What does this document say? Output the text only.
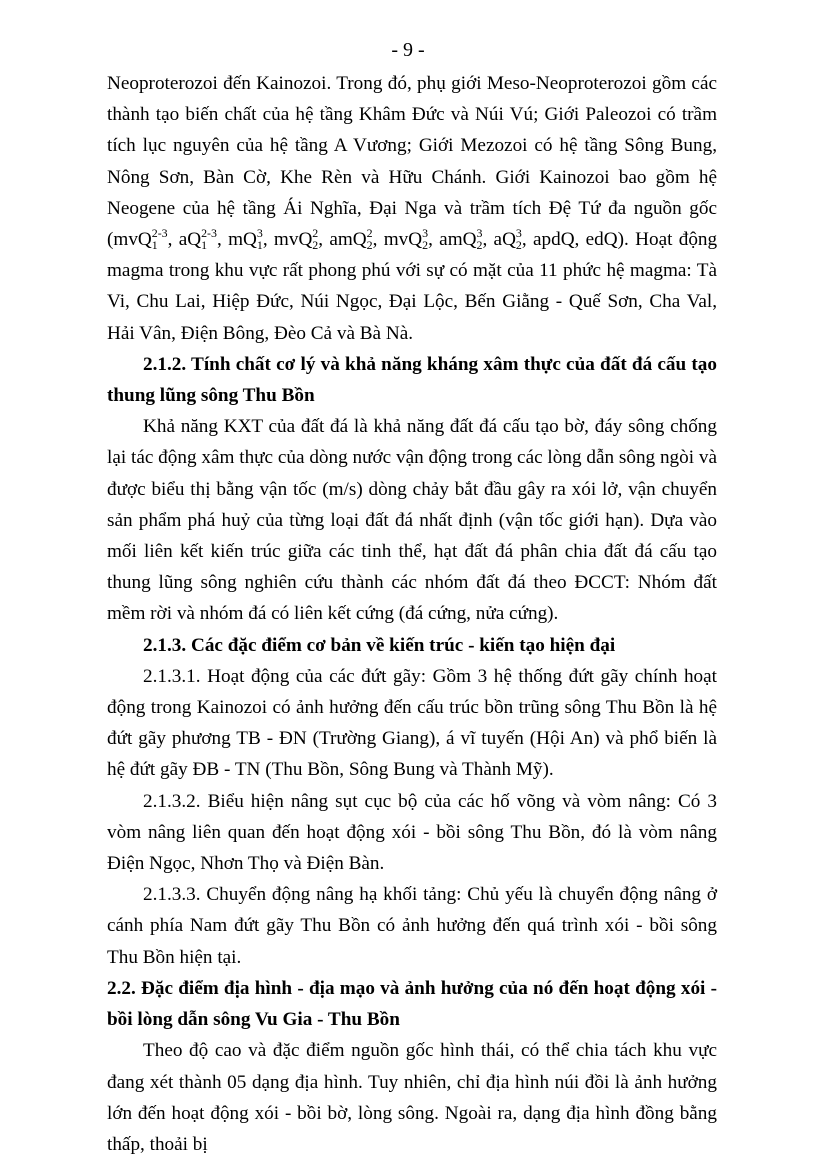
- 9 -

Neoproterozoi đến Kainozoi. Trong đó, phụ giới Meso-Neoproterozoi gồm các thành tạo biến chất của hệ tầng Khâm Đức và Núi Vú; Giới Paleozoi có trầm tích lục nguyên của hệ tầng A Vương; Giới Mezozoi có hệ tầng Sông Bung, Nông Sơn, Bàn Cờ, Khe Rèn và Hữu Chánh. Giới Kainozoi bao gồm hệ Neogene của hệ tầng Ái Nghĩa, Đại Nga và trầm tích Đệ Tứ đa nguồn gốc (mvQ 2-3
1 , aQ 2-3
1 , mQ 3
1 , mvQ 2
2 , amQ 2
2 , mvQ 3
2 , amQ 3
2 , aQ 3
2 , apdQ, edQ). Hoạt động magma trong khu vực rất phong phú với sự có mặt của 11 phức hệ magma: Tà Vi, Chu Lai, Hiệp Đức, Núi Ngọc, Đại Lộc, Bến Giằng - Quế Sơn, Cha Val, Hải Vân, Điện Bông, Đèo Cả và Bà Nà.

2.1.2. Tính chất cơ lý và khả năng kháng xâm thực của đất đá cấu tạo thung lũng sông Thu Bồn

Khả năng KXT của đất đá là khả năng đất đá cấu tạo bờ, đáy sông chống lại tác động xâm thực của dòng nước vận động trong các lòng dẫn sông ngòi và được biểu thị bằng vận tốc (m/s) dòng chảy bắt đầu gây ra xói lở, vận chuyển sản phẩm phá huỷ của từng loại đất đá nhất định (vận tốc giới hạn). Dựa vào mối liên kết kiến trúc giữa các tinh thể, hạt đất đá phân chia đất đá cấu tạo thung lũng sông nghiên cứu thành các nhóm đất đá theo ĐCCT: Nhóm đất mềm rời và nhóm đá có liên kết cứng (đá cứng, nửa cứng).

2.1.3. Các đặc điểm cơ bản về kiến trúc - kiến tạo hiện đại

2.1.3.1. Hoạt động của các đứt gãy: Gồm 3 hệ thống đứt gãy chính hoạt động trong Kainozoi có ảnh hưởng đến cấu trúc bồn trũng sông Thu Bồn là hệ đứt gãy phương TB - ĐN (Trường Giang), á vĩ tuyến (Hội An) và phổ biến là hệ đứt gãy ĐB - TN (Thu Bồn, Sông Bung và Thành Mỹ).

2.1.3.2. Biểu hiện nâng sụt cục bộ của các hố võng và vòm nâng: Có 3 vòm nâng liên quan đến hoạt động xói - bồi sông Thu Bồn, đó là vòm nâng Điện Ngọc, Nhơn Thọ và Điện Bàn.

2.1.3.3. Chuyển động nâng hạ khối tảng: Chủ yếu là chuyển động nâng ở cánh phía Nam đứt gãy Thu Bồn có ảnh hưởng đến quá trình xói - bồi sông Thu Bồn hiện tại.

2.2. Đặc điểm địa hình - địa mạo và ảnh hưởng của nó đến hoạt động xói - bồi lòng dẫn sông Vu Gia - Thu Bồn

Theo độ cao và đặc điểm nguồn gốc hình thái, có thể chia tách khu vực đang xét thành 05 dạng địa hình. Tuy nhiên, chỉ địa hình núi đồi là ảnh hưởng lớn đến hoạt động xói - bồi bờ, lòng sông. Ngoài ra, dạng địa hình đồng bằng thấp, thoải bị
